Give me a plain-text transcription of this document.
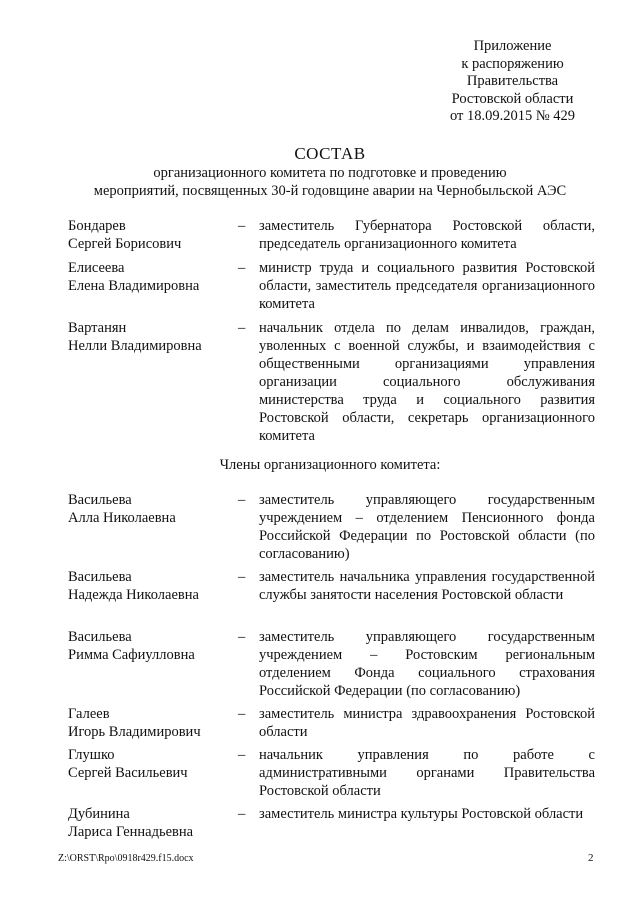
Приложение
к распоряжению
Правительства
Ростовской области
от 18.09.2015 № 429
СОСТАВ
организационного комитета по подготовке и проведению
мероприятий, посвященных 30-й годовщине аварии на Чернобыльской АЭС
Бондарев
Сергей Борисович
– заместитель Губернатора Ростовской области, председатель организационного комитета
Елисеева
Елена Владимировна
– министр труда и социального развития Ростовской области, заместитель председателя организационного комитета
Вартанян
Нелли Владимировна
– начальник отдела по делам инвалидов, граждан, уволенных с военной службы, и взаимодействия с общественными организациями управления организации социального обслуживания министерства труда и социального развития Ростовской области, секретарь организационного комитета
Члены организационного комитета:
Васильева
Алла Николаевна
– заместитель управляющего государственным учреждением – отделением Пенсионного фонда Российской Федерации по Ростовской области (по согласованию)
Васильева
Надежда Николаевна
– заместитель начальника управления государственной службы занятости населения Ростовской области
Васильева
Римма Сафиулловна
– заместитель управляющего государственным учреждением – Ростовским региональным отделением Фонда социального страхования Российской Федерации (по согласованию)
Галеев
Игорь Владимирович
– заместитель министра здравоохранения Ростовской области
Глушко
Сергей Васильевич
– начальник управления по работе с административными органами Правительства Ростовской области
Дубинина
Лариса Геннадьевна
– заместитель министра культуры Ростовской области
Z:\ORST\Rpo\0918r429.f15.docx	2
